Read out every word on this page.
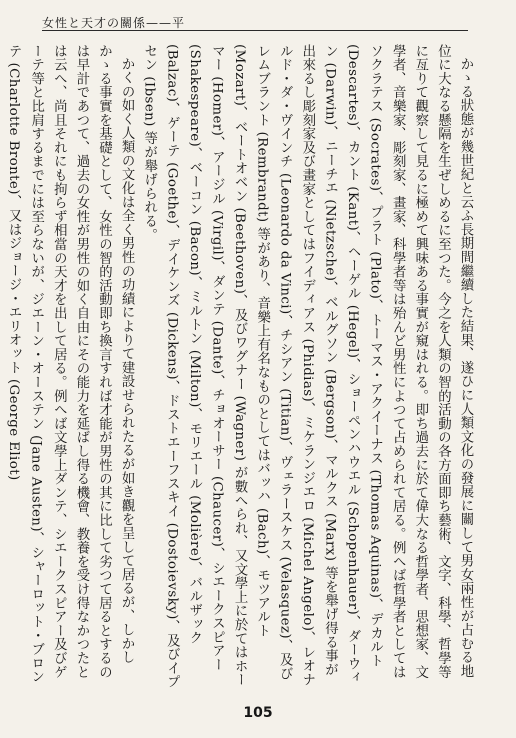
女性と天才の關係——平

かゝる狀態が幾世紀と云ふ長期間繼續した結果、遂ひに人類文化の發展に關して男女兩性が占むる地位に大なる懸隔を生ぜしめるに至つた。今之を人類の智的活動の各方面即ち藝術、文字、科學、哲學等に亙りて觀察して見るに極めて興味ある事實が窺はれる。即ち過去に於て偉大なる哲學者、思想家、文學者、音樂家、彫刻家、畫家、科學者等は殆んど男性によつて占められて居る。例へば哲學者としてはソクラテス (Socrates)、プラト (Plato)、トーマス・アクイーナス (Thomas Aquinas)、デカルト (Descartes)、カント (Kant)、ヘーゲル (Hegel)、ショーペンハウエル (Schopenhauer)、ダーウィン (Darwin)、ニーチエ (Nietzsche)、ベルグソン (Bergson)、マルクス (Marx) 等を舉げ得る事が出來るし彫刻家及び畫家としてはフイディアス (Phidias)、ミケランジエロ (Michel Angelo)、レオナルド・ダ・ヴインチ (Leonardo da Vinci)、チシアン (Titian)、ヴェラースケス (Velasquez)、及びレムブラント (Rembrandt) 等があり、音樂上有名なものとしてはバッハ (Bach)、モツアルト (Mozart)、ベートオベン (Beethoven)、及びワグナー (Wagner) が數へられ、又文學上に於てはホーマー (Homer)、アージル (Virgil)、ダンテ (Dante)、チョオーサー (Chaucer)、シエークスピアー (Shakespeare)、ベーコン (Bacon)、ミルトン (Milton)、モリエール (Molière)、バルザック (Balzac)、ゲーテ (Goethe)、デイケンズ (Dickens)、ドストエーフスキイ (Dostoievsky)、及びイプセン (Ibsen) 等が舉げられる。

かくの如く人類の文化は全く男性の功績によりて建設せられたるが如き觀を呈して居るが、しかしかゝる事實を基礎として、女性の智的活動即ち換言すれば才能が男性の其に比して劣つて居るとするのは早計であつて、過去の女性が男性の如く自由にその能力を延ばし得る機會、教養を受け得なかつたとは云へ、尚且それにも拘らず相當の天才を出して居る。例へば文學上ダンテ、シエークスピアー及びゲーテ等と比肩するまでには至らないが、ジエーン・オーステン (Jane Austen)、シャーロット・ブロンテ (Charlotte Bronte)、又はジョージ・エリオット (George Eliot)

105
